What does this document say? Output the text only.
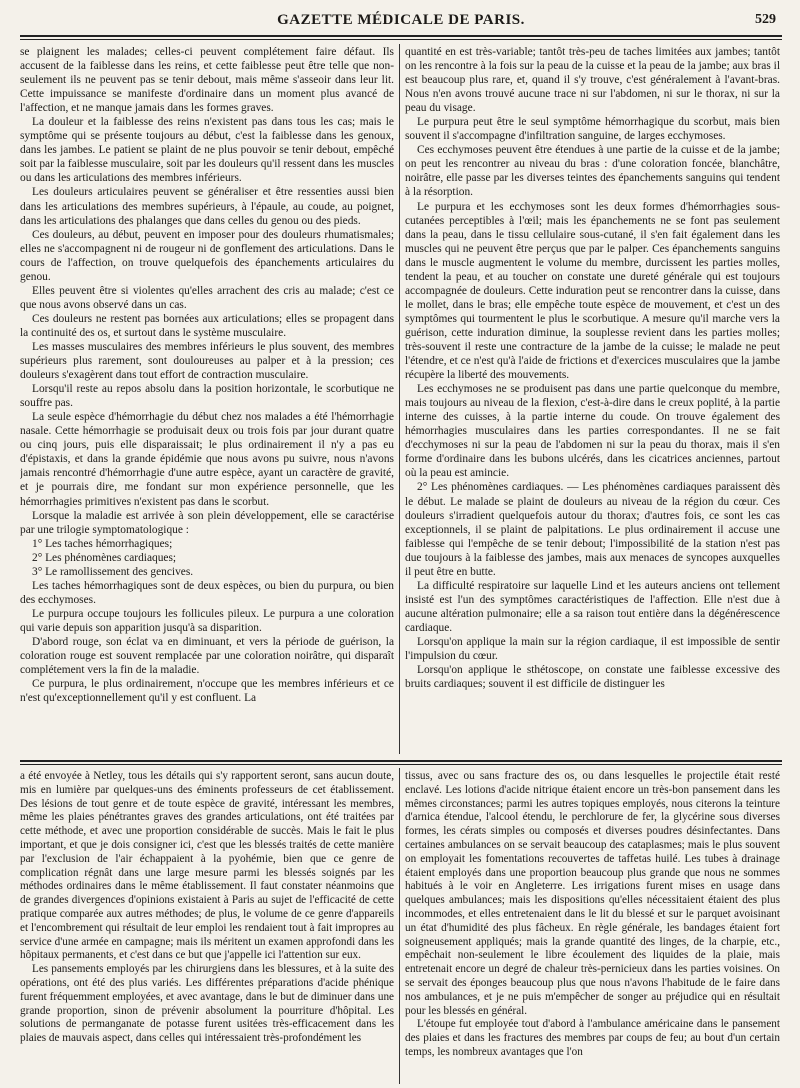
GAZETTE MÉDICALE DE PARIS.	529

se plaignent les malades; celles-ci peuvent complétement faire défaut. Ils accusent de la faiblesse dans les reins, et cette faiblesse peut être telle que non-seulement ils ne peuvent pas se tenir debout, mais même s'asseoir dans leur lit. Cette impuissance se manifeste d'ordinaire dans un moment plus avancé de l'affection, et ne manque jamais dans les formes graves.

La douleur et la faiblesse des reins n'existent pas dans tous les cas; mais le symptôme qui se présente toujours au début, c'est la faiblesse dans les genoux, dans les jambes. Le patient se plaint de ne plus pouvoir se tenir debout, empêché soit par la faiblesse musculaire, soit par les douleurs qu'il ressent dans les muscles ou dans les articulations des membres inférieurs.

Les douleurs articulaires peuvent se généraliser et être ressenties aussi bien dans les articulations des membres supérieurs, à l'épaule, au coude, au poignet, dans les articulations des phalanges que dans celles du genou ou des pieds.

Ces douleurs, au début, peuvent en imposer pour des douleurs rhumatismales; elles ne s'accompagnent ni de rougeur ni de gonflement des articulations. Dans le cours de l'affection, on trouve quelquefois des épanchements articulaires du genou.

Elles peuvent être si violentes qu'elles arrachent des cris au malade; c'est ce que nous avons observé dans un cas.

Ces douleurs ne restent pas bornées aux articulations; elles se propagent dans la continuité des os, et surtout dans le système musculaire.

Les masses musculaires des membres inférieurs le plus souvent, des membres supérieurs plus rarement, sont douloureuses au palper et à la pression; ces douleurs s'exagèrent dans tout effort de contraction musculaire.

Lorsqu'il reste au repos absolu dans la position horizontale, le scorbutique ne souffre pas.

La seule espèce d'hémorrhagie du début chez nos malades a été l'hémorrhagie nasale. Cette hémorrhagie se produisait deux ou trois fois par jour durant quatre ou cinq jours, puis elle disparaissait; le plus ordinairement il n'y a pas eu d'épistaxis, et dans la grande épidémie que nous avons pu suivre, nous n'avons jamais rencontré d'hémorrhagie d'une autre espèce, ayant un caractère de gravité, et je pourrais dire, me fondant sur mon expérience personnelle, que les hémorrhagies primitives n'existent pas dans le scorbut.

Lorsque la maladie est arrivée à son plein développement, elle se caractérise par une trilogie symptomatologique :

1° Les taches hémorrhagiques;

2° Les phénomènes cardiaques;

3° Le ramollissement des gencives.

Les taches hémorrhagiques sont de deux espèces, ou bien du purpura, ou bien des ecchymoses.

Le purpura occupe toujours les follicules pileux. Le purpura a une coloration qui varie depuis son apparition jusqu'à sa disparition.

D'abord rouge, son éclat va en diminuant, et vers la période de guérison, la coloration rouge est souvent remplacée par une coloration noirâtre, qui disparaît complétement vers la fin de la maladie.

Ce purpura, le plus ordinairement, n'occupe que les membres inférieurs et ce n'est qu'exceptionnellement qu'il y est confluent. La

quantité en est très-variable; tantôt très-peu de taches limitées aux jambes; tantôt on les rencontre à la fois sur la peau de la cuisse et la peau de la jambe; aux bras il est beaucoup plus rare, et, quand il s'y trouve, c'est généralement à l'avant-bras. Nous n'en avons trouvé aucune trace ni sur l'abdomen, ni sur le thorax, ni sur la peau du visage.

Le purpura peut être le seul symptôme hémorrhagique du scorbut, mais bien souvent il s'accompagne d'infiltration sanguine, de larges ecchymoses.

Ces ecchymoses peuvent être étendues à une partie de la cuisse et de la jambe; on peut les rencontrer au niveau du bras : d'une coloration foncée, blanchâtre, noirâtre, elle passe par les diverses teintes des épanchements sanguins qui tendent à la résorption.

Le purpura et les ecchymoses sont les deux formes d'hémorrhagies sous-cutanées perceptibles à l'œil; mais les épanchements ne se font pas seulement dans la peau, dans le tissu cellulaire sous-cutané, il s'en fait également dans les muscles qui ne peuvent être perçus que par le palper. Ces épanchements sanguins dans le muscle augmentent le volume du membre, durcissent les parties molles, tendent la peau, et au toucher on constate une dureté générale qui est toujours accompagnée de douleurs. Cette induration peut se rencontrer dans la cuisse, dans le mollet, dans le bras; elle empêche toute espèce de mouvement, et c'est un des symptômes qui tourmentent le plus le scorbutique. A mesure qu'il marche vers la guérison, cette induration diminue, la souplesse revient dans les parties molles; très-souvent il reste une contracture de la jambe de la cuisse; le malade ne peut l'étendre, et ce n'est qu'à l'aide de frictions et d'exercices musculaires que la jambe récupère la liberté des mouvements.

Les ecchymoses ne se produisent pas dans une partie quelconque du membre, mais toujours au niveau de la flexion, c'est-à-dire dans le creux poplité, à la partie interne des cuisses, à la partie interne du coude. On trouve également des hémorrhagies musculaires dans les parties correspondantes. Il ne se fait d'ecchymoses ni sur la peau de l'abdomen ni sur la peau du thorax, mais il s'en forme d'ordinaire dans les bubons ulcérés, dans les cicatrices anciennes, partout où la peau est amincie.

2° Les phénomènes cardiaques. — Les phénomènes cardiaques paraissent dès le début. Le malade se plaint de douleurs au niveau de la région du cœur. Ces douleurs s'irradient quelquefois autour du thorax; d'autres fois, ce sont les cas exceptionnels, il se plaint de palpitations. Le plus ordinairement il accuse une faiblesse qui l'empêche de se tenir debout; l'impossibilité de la station n'est pas due toujours à la faiblesse des jambes, mais aux menaces de syncopes auxquelles il peut être en butte.

La difficulté respiratoire sur laquelle Lind et les auteurs anciens ont tellement insisté est l'un des symptômes caractéristiques de l'affection. Elle n'est due à aucune altération pulmonaire; elle a sa raison tout entière dans la dégénérescence cardiaque.

Lorsqu'on applique la main sur la région cardiaque, il est impossible de sentir l'impulsion du cœur.

Lorsqu'on applique le sthétoscope, on constate une faiblesse excessive des bruits cardiaques; souvent il est difficile de distinguer les

a été envoyée à Netley, tous les détails qui s'y rapportent seront, sans aucun doute, mis en lumière par quelques-uns des éminents professeurs de cet établissement. Des lésions de tout genre et de toute espèce de gravité, intéressant les membres, même les plaies pénétrantes graves des grandes articulations, ont été traitées par cette méthode, et avec une proportion considérable de succès. Mais le fait le plus important, et que je dois consigner ici, c'est que les blessés traités de cette manière par l'exclusion de l'air échappaient à la pyohémie, bien que ce genre de complication régnât dans une large mesure parmi les blessés soignés par les méthodes ordinaires dans le même établissement. Il faut constater néanmoins que de grandes divergences d'opinions existaient à Paris au sujet de l'efficacité de cette pratique comparée aux autres méthodes; de plus, le volume de ce genre d'appareils et l'encombrement qui résultait de leur emploi les rendaient tout à fait impropres au service d'une armée en campagne; mais ils méritent un examen approfondi dans les hôpitaux permanents, et c'est dans ce but que j'appelle ici l'attention sur eux.

Les pansements employés par les chirurgiens dans les blessures, et à la suite des opérations, ont été des plus variés. Les différentes préparations d'acide phénique furent fréquemment employées, et avec avantage, dans le but de diminuer dans une grande proportion, sinon de prévenir absolument la pourriture d'hôpital. Les solutions de permanganate de potasse furent usitées très-efficacement dans les plaies de mauvais aspect, dans celles qui intéressaient très-profondément les

tissus, avec ou sans fracture des os, ou dans lesquelles le projectile était resté enclavé. Les lotions d'acide nitrique étaient encore un très-bon pansement dans les mêmes circonstances; parmi les autres topiques employés, nous citerons la teinture d'arnica étendue, l'alcool étendu, le perchlorure de fer, la glycérine sous diverses formes, les cérats simples ou composés et diverses poudres désinfectantes. Dans certaines ambulances on se servait beaucoup des cataplasmes; mais le plus souvent on employait les fomentations recouvertes de taffetas huilé. Les tubes à drainage étaient employés dans une proportion beaucoup plus grande que nous ne sommes habitués à le voir en Angleterre. Les irrigations furent mises en usage dans quelques ambulances; mais les dispositions qu'elles nécessitaient étaient des plus incommodes, et elles entretenaient dans le lit du blessé et sur le parquet avoisinant un état d'humidité des plus fâcheux. En règle générale, les bandages étaient fort soigneusement appliqués; mais la grande quantité des linges, de la charpie, etc., empêchait non-seulement le libre écoulement des liquides de la plaie, mais entretenait encore un degré de chaleur très-pernicieux dans les parties voisines. On se servait des éponges beaucoup plus que nous n'avons l'habitude de le faire dans nos ambulances, et je ne puis m'empêcher de songer au préjudice qui en résultait pour les blessés en général.

L'étoupe fut employée tout d'abord à l'ambulance américaine dans le pansement des plaies et dans les fractures des membres par coups de feu; au bout d'un certain temps, les nombreux avantages que l'on
